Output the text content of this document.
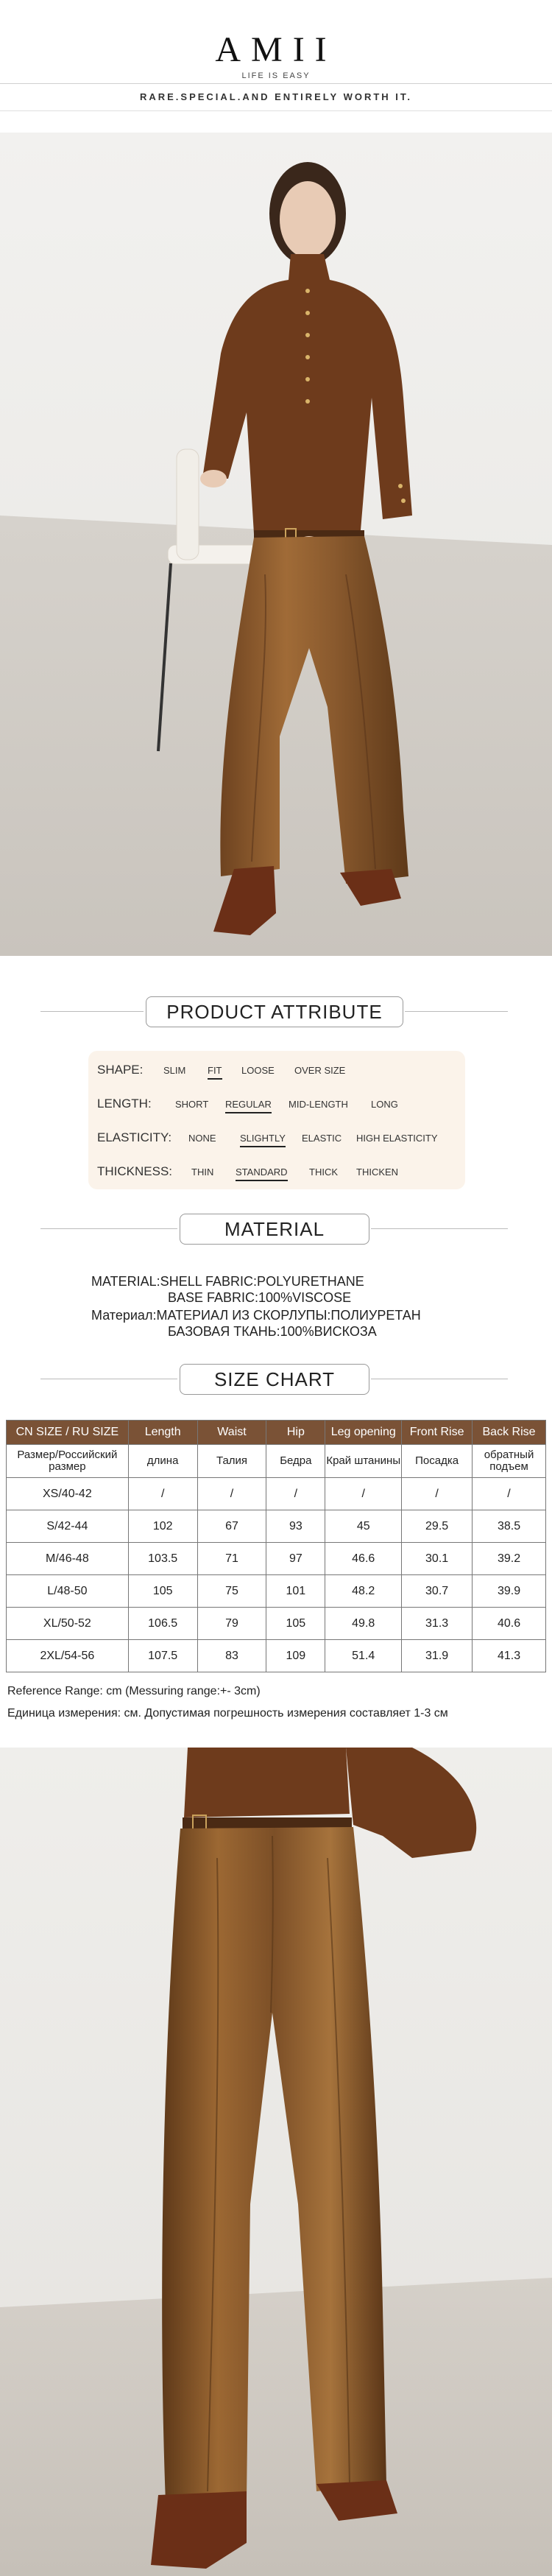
AMII
LIFE IS EASY
RARE.SPECIAL.AND ENTIRELY WORTH IT.
PRODUCT ATTRIBUTE
SHAPE: SLIM FIT LOOSE OVER SIZE
LENGTH: SHORT REGULAR MID-LENGTH LONG
ELASTICITY: NONE SLIGHTLY ELASTIC HIGH ELASTICITY
THICKNESS: THIN STANDARD THICK THICKEN
MATERIAL
MATERIAL:SHELL FABRIC:POLYURETHANE
BASE FABRIC:100%VISCOSE
Материал:МАТЕРИАЛ ИЗ СКОРЛУПЫ:ПОЛИУРЕТАН
БАЗОВАЯ ТКАНЬ:100%ВИСКОЗА
SIZE CHART
CN SIZE / RU SIZE	Length	Waist	Hip	Leg opening	Front Rise	Back Rise
Размер/Российский размер	длина	Талия	Бедра	Край штанины	Посадка	обратный подъем
XS/40-42	/	/	/	/	/	/
S/42-44	102	67	93	45	29.5	38.5
M/46-48	103.5	71	97	46.6	30.1	39.2
L/48-50	105	75	101	48.2	30.7	39.9
XL/50-52	106.5	79	105	49.8	31.3	40.6
2XL/54-56	107.5	83	109	51.4	31.9	41.3
Reference Range: cm (Messuring range:+- 3cm)
Единица измерения: см. Допустимая погрешность измерения составляет 1-3 см
